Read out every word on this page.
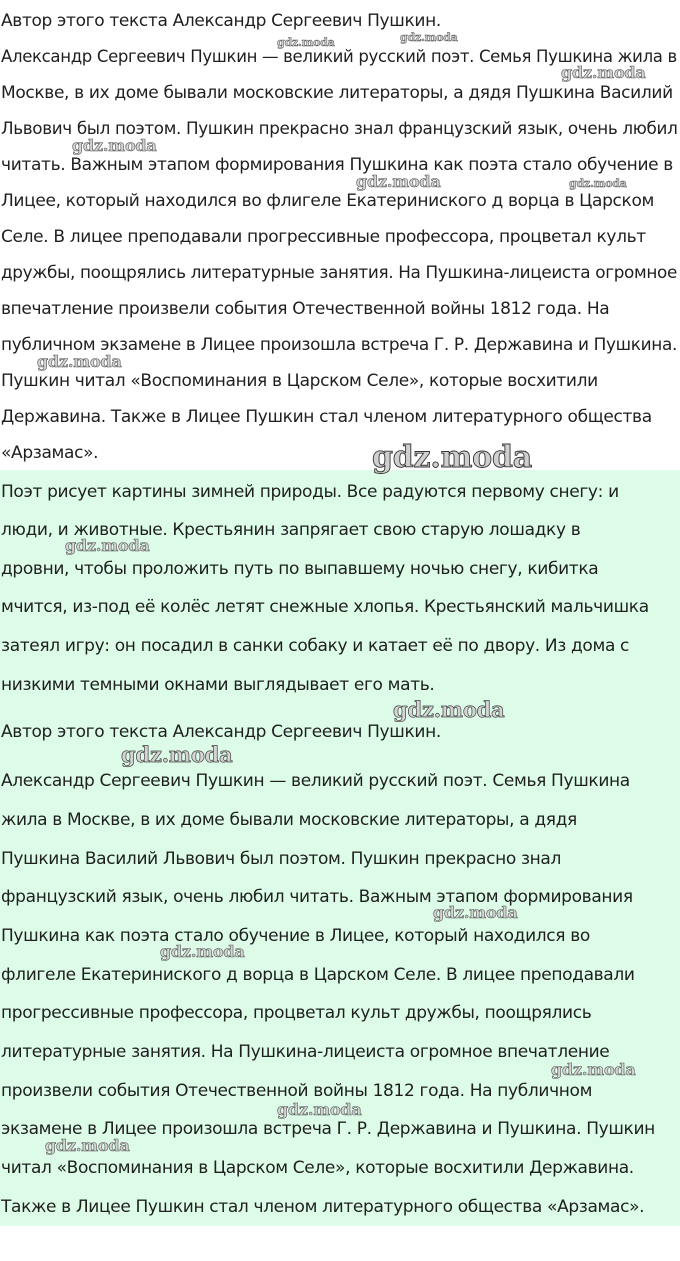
Автор этого текста Александр Сергеевич Пушкин.
Александр Сергеевич Пушкин — великий русский поэт. Семья Пушкина жила в
Москве, в их доме бывали московские литераторы, а дядя Пушкина Василий
Львович был поэтом. Пушкин прекрасно знал французский язык, очень любил
читать. Важным этапом формирования Пушкина как поэта стало обучение в
Лицее, который находился во флигеле Екатериниского д ворца в Царском
Селе. В лицее преподавали прогрессивные профессора, процветал культ
дружбы, поощрялись литературные занятия. На Пушкина-лицеиста огромное
впечатление произвели события Отечественной войны 1812 года. На
публичном экзамене в Лицее произошла встреча Г. Р. Державина и Пушкина.
Пушкин читал «Воспоминания в Царском Селе», которые восхитили
Державина. Также в Лицее Пушкин стал членом литературного общества
«Арзамас».
Поэт рисует картины зимней природы. Все радуются первому снегу: и
люди, и животные. Крестьянин запрягает свою старую лошадку в
дровни, чтобы проложить путь по выпавшему ночью снегу, кибитка
мчится, из-под её колёс летят снежные хлопья. Крестьянский мальчишка
затеял игру: он посадил в санки собаку и катает её по двору. Из дома с
низкими темными окнами выглядывает его мать.
Автор этого текста Александр Сергеевич Пушкин.
Александр Сергеевич Пушкин — великий русский поэт. Семья Пушкина
жила в Москве, в их доме бывали московские литераторы, а дядя
Пушкина Василий Львович был поэтом. Пушкин прекрасно знал
французский язык, очень любил читать. Важным этапом формирования
Пушкина как поэта стало обучение в Лицее, который находился во
флигеле Екатериниского д ворца в Царском Селе. В лицее преподавали
прогрессивные профессора, процветал культ дружбы, поощрялись
литературные занятия. На Пушкина-лицеиста огромное впечатление
произвели события Отечественной войны 1812 года. На публичном
экзамене в Лицее произошла встреча Г. Р. Державина и Пушкина. Пушкин
читал «Воспоминания в Царском Селе», которые восхитили Державина.
Также в Лицее Пушкин стал членом литературного общества «Арзамас».
gdz.moda	gdz.moda
gdz.moda
gdz.moda
gdz.moda	gdz.moda
gdz.moda
gdz.moda
gdz.moda
gdz.moda
gdz.moda
gdz.moda
gdz.moda
gdz.moda
gdz.moda
gdz.moda
